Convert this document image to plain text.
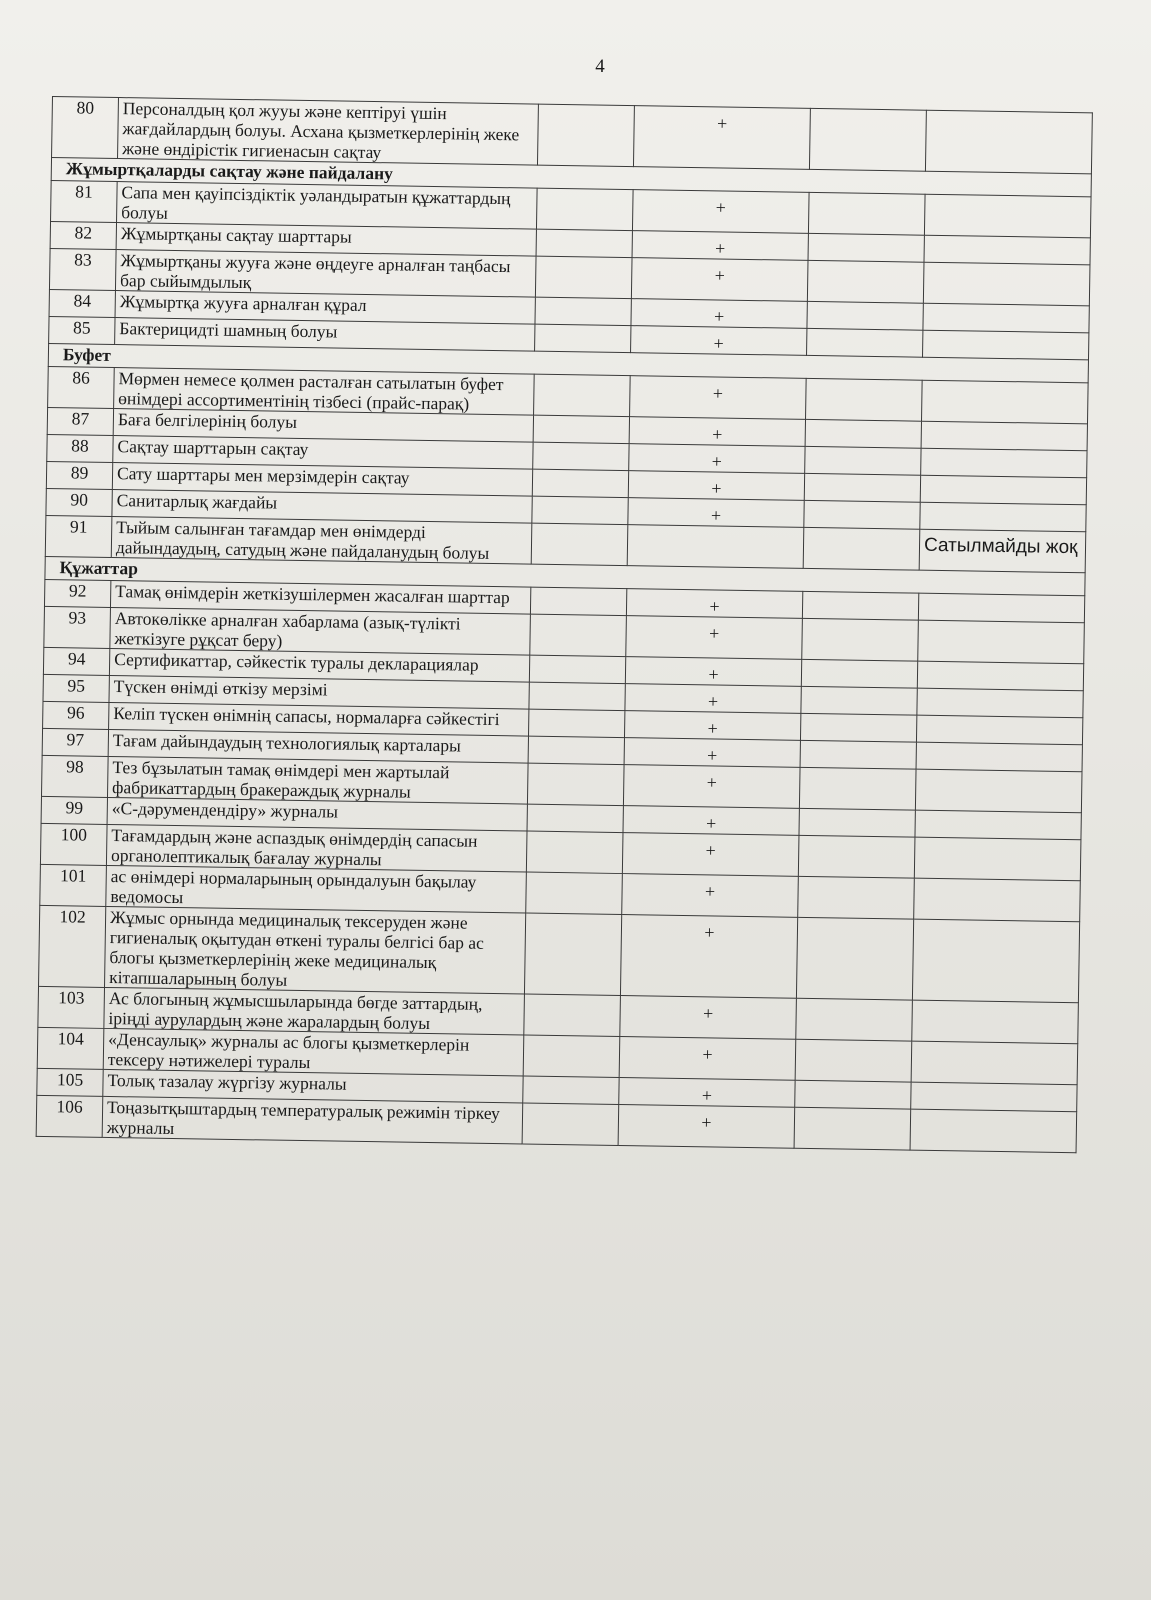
4
80	Персоналдың қол жууы және кептіруі үшін жағдайлардың болуы. Асхана қызметкерлерінің жеке және өндірістік гигиенасын сақтау		+		
Жұмыртқаларды сақтау және пайдалану					
81	Сапа мен қауіпсіздіктік уәландыратын құжаттардың болуы		+		
82	Жұмыртқаны сақтау шарттары		+		
83	Жұмыртқаны жууға және өңдеуге арналған таңбасы бар сыйымдылық		+		
84	Жұмыртқа жууға арналған құрал		+		
85	Бактерицидті шамның болуы		+		
Буфет					
86	Мөрмен немесе қолмен расталған сатылатын буфет өнімдері ассортиментінің тізбесі (прайс-парақ)		+		
87	Баға белгілерінің болуы		+		
88	Сақтау шарттарын сақтау		+		
89	Сату шарттары мен мерзімдерін сақтау		+		
90	Санитарлық жағдайы		+		
91	Тыйым салынған тағамдар мен өнімдерді дайындаудың, сатудың және пайдаланудың болуы				Сатылмайды жоқ
Құжаттар					
92	Тамақ өнімдерін жеткізушілермен жасалған шарттар		+		
93	Автокөлікке арналған хабарлама (азық-түлікті жеткізуге рұқсат беру)		+		
94	Сертификаттар, сәйкестік туралы декларациялар		+		
95	Түскен өнімді өткізу мерзімі		+		
96	Келіп түскен өнімнің сапасы, нормаларға сәйкестігі		+		
97	Тағам дайындаудың технологиялық карталары		+		
98	Тез бұзылатын тамақ өнімдері мен жартылай фабрикаттардың бракераждық журналы		+		
99	«С-дәрумендендіру» журналы		+		
100	Тағамдардың және аспаздық өнімдердің сапасын органолептикалық бағалау журналы		+		
101	ас өнімдері нормаларының орындалуын бақылау ведомосы		+		
102	Жұмыс орнында медициналық тексеруден және гигиеналық оқытудан өткені туралы белгісі бар ас блогы қызметкерлерінің жеке медициналық кітапшаларының болуы		+		
103	Ас блогының жұмысшыларында бөгде заттардың, іріңді аурулардың және жаралардың болуы		+		
104	«Денсаулық» журналы ас блогы қызметкерлерін тексеру нәтижелері туралы		+		
105	Толық тазалау жүргізу журналы		+		
106	Тоңазытқыштардың температуралық режимін тіркеу журналы		+		
